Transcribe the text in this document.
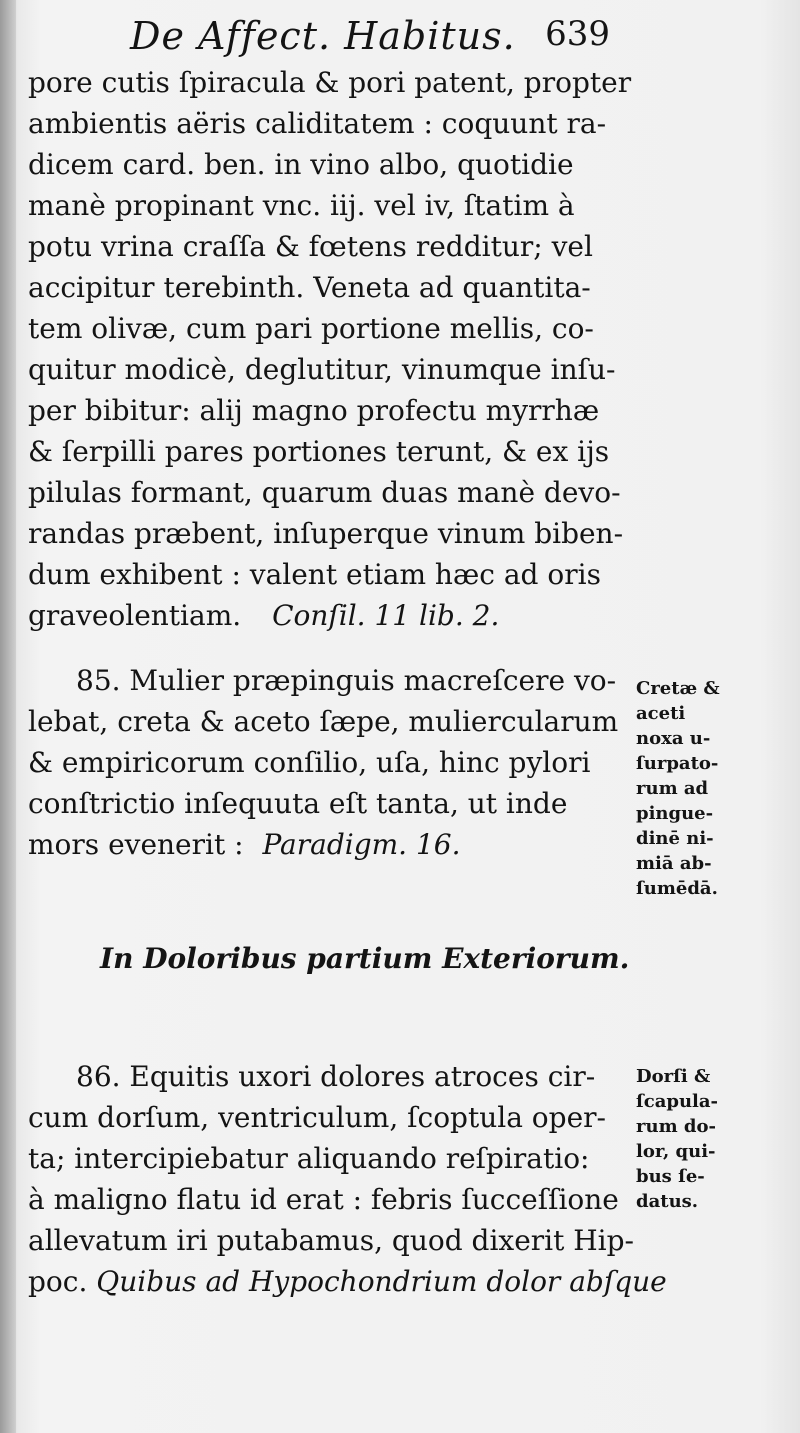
De Affect. Habitus. 639
pore cutis ſpiracula & pori patent, propter
ambientis aëris caliditatem : coquunt ra-
dicem card. ben. in vino albo, quotidie
manè propinant vnc. iij. vel iv, ſtatim à
potu vrina craſſa & fœtens redditur; vel
accipitur terebinth. Veneta ad quantita-
tem olivæ, cum pari portione mellis, co-
quitur modicè, deglutitur, vinumque inſu-
per bibitur: alij magno profectu myrrhæ
& ſerpilli pares portiones terunt, & ex ijs
pilulas formant, quarum duas manè devo-
randas præbent, inſuperque vinum biben-
dum exhibent : valent etiam hæc ad oris
graveolentiam. Conſil. 11 lib. 2.
85. Mulier præpinguis macreſcere vo-
lebat, creta & aceto ſæpe, muliercularum
& empiricorum conſilio, uſa, hinc pylori
conſtrictio inſequuta eſt tanta, ut inde
mors evenerit : Paradigm. 16.
Cretæ &
aceti
noxa u-
ſurpato-
rum ad
pingue-
dinē ni-
miā ab-
ſumēdā.
In Doloribus partium Exteriorum.
86. Equitis uxori dolores atroces cir-
cum dorſum, ventriculum, ſcoptula oper-
ta; intercipiebatur aliquando reſpiratio:
à maligno flatu id erat : febris ſucceſſione
allevatum iri putabamus, quod dixerit Hip-
poc. Quibus ad Hypochondrium dolor abſque
Dorſi &
ſcapula-
rum do-
lor, qui-
bus ſe-
datus.
